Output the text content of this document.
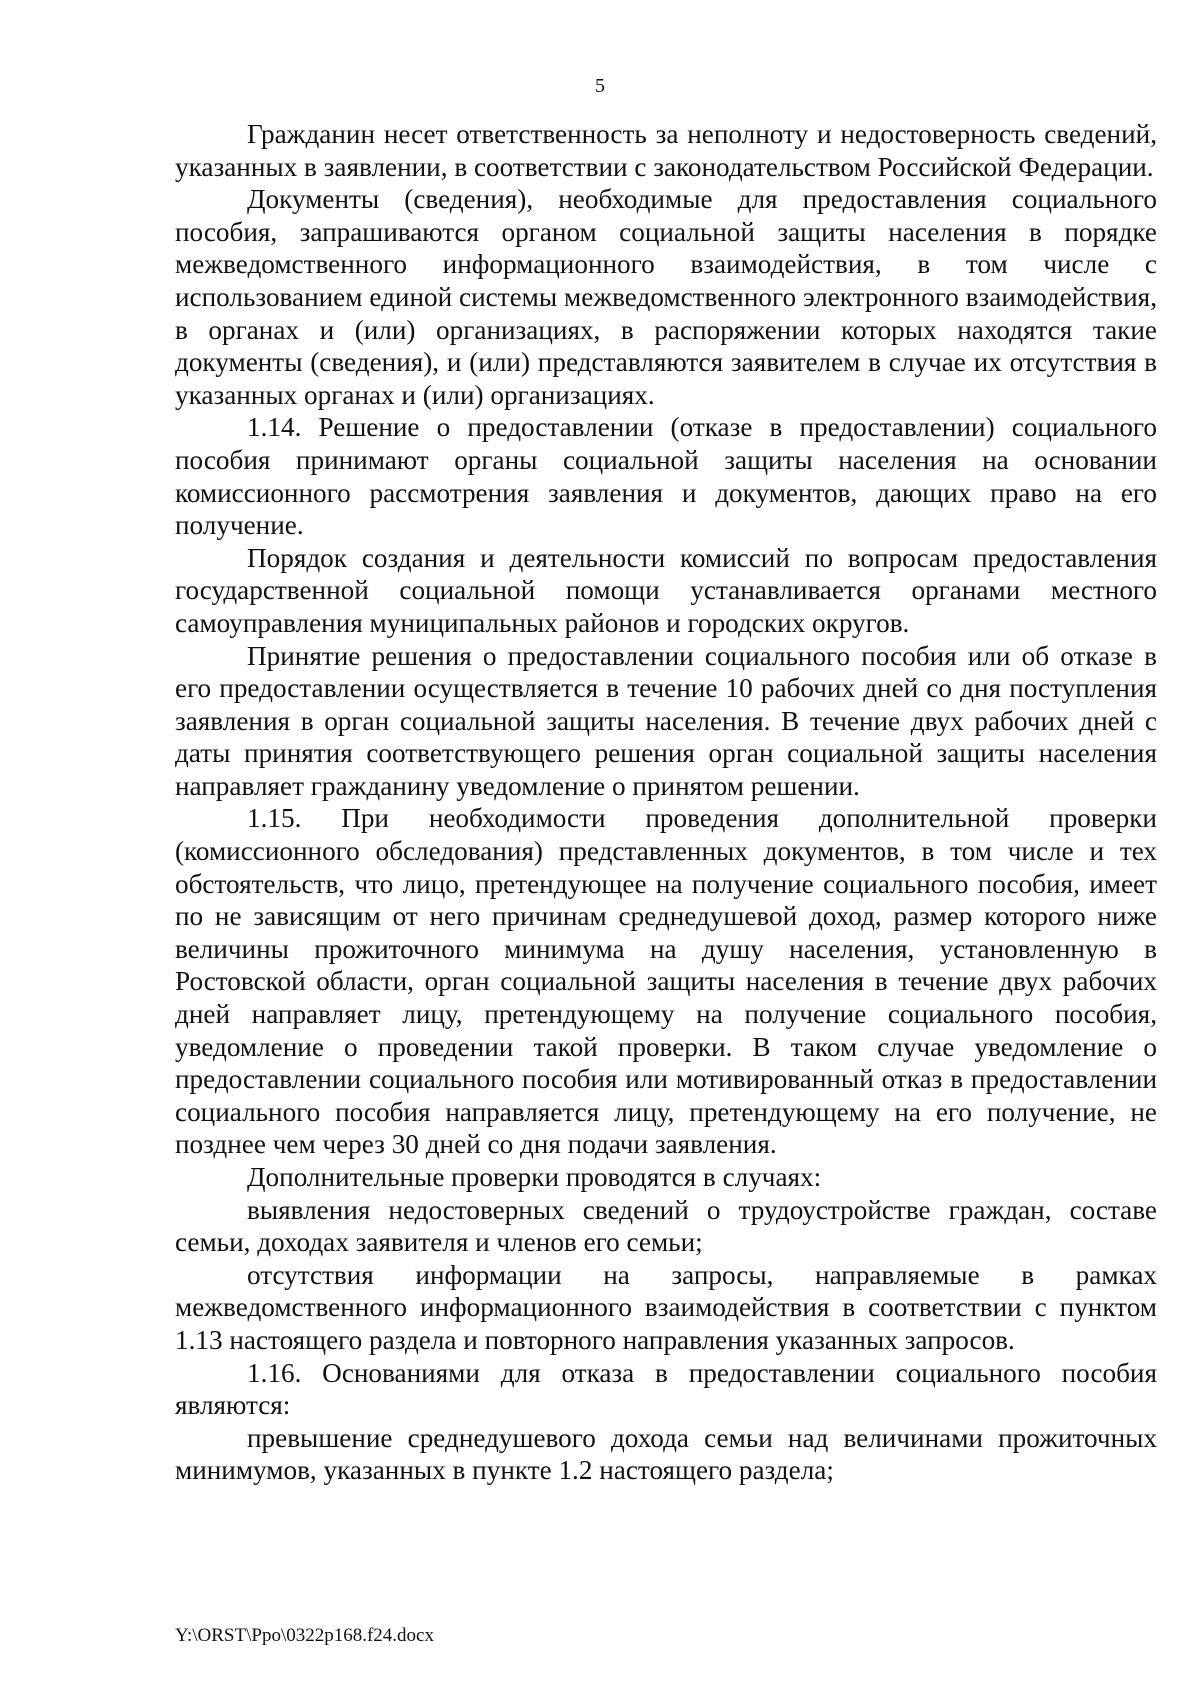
5

Гражданин несет ответственность за неполноту и недостоверность сведений, указанных в заявлении, в соответствии с законодательством Российской Федерации.

Документы (сведения), необходимые для предоставления социального пособия, запрашиваются органом социальной защиты населения в порядке межведомственного информационного взаимодействия, в том числе с использованием единой системы межведомственного электронного взаимодействия, в органах и (или) организациях, в распоряжении которых находятся такие документы (сведения), и (или) представляются заявителем в случае их отсутствия в указанных органах и (или) организациях.

1.14. Решение о предоставлении (отказе в предоставлении) социального пособия принимают органы социальной защиты населения на основании комиссионного рассмотрения заявления и документов, дающих право на его получение.

Порядок создания и деятельности комиссий по вопросам предоставления государственной социальной помощи устанавливается органами местного самоуправления муниципальных районов и городских округов.

Принятие решения о предоставлении социального пособия или об отказе в его предоставлении осуществляется в течение 10 рабочих дней со дня поступления заявления в орган социальной защиты населения. В течение двух рабочих дней с даты принятия соответствующего решения орган социальной защиты населения направляет гражданину уведомление о принятом решении.

1.15. При необходимости проведения дополнительной проверки (комиссионного обследования) представленных документов, в том числе и тех обстоятельств, что лицо, претендующее на получение социального пособия, имеет по не зависящим от него причинам среднедушевой доход, размер которого ниже величины прожиточного минимума на душу населения, установленную в Ростовской области, орган социальной защиты населения в течение двух рабочих дней направляет лицу, претендующему на получение социального пособия, уведомление о проведении такой проверки. В таком случае уведомление о предоставлении социального пособия или мотивированный отказ в предоставлении социального пособия направляется лицу, претендующему на его получение, не позднее чем через 30 дней со дня подачи заявления.

Дополнительные проверки проводятся в случаях:

выявления недостоверных сведений о трудоустройстве граждан, составе семьи, доходах заявителя и членов его семьи;

отсутствия информации на запросы, направляемые в рамках межведомственного информационного взаимодействия в соответствии с пунктом 1.13 настоящего раздела и повторного направления указанных запросов.

1.16. Основаниями для отказа в предоставлении социального пособия являются:

превышение среднедушевого дохода семьи над величинами прожиточных минимумов, указанных в пункте 1.2 настоящего раздела;

Y:\ORST\Ppo\0322p168.f24.docx
